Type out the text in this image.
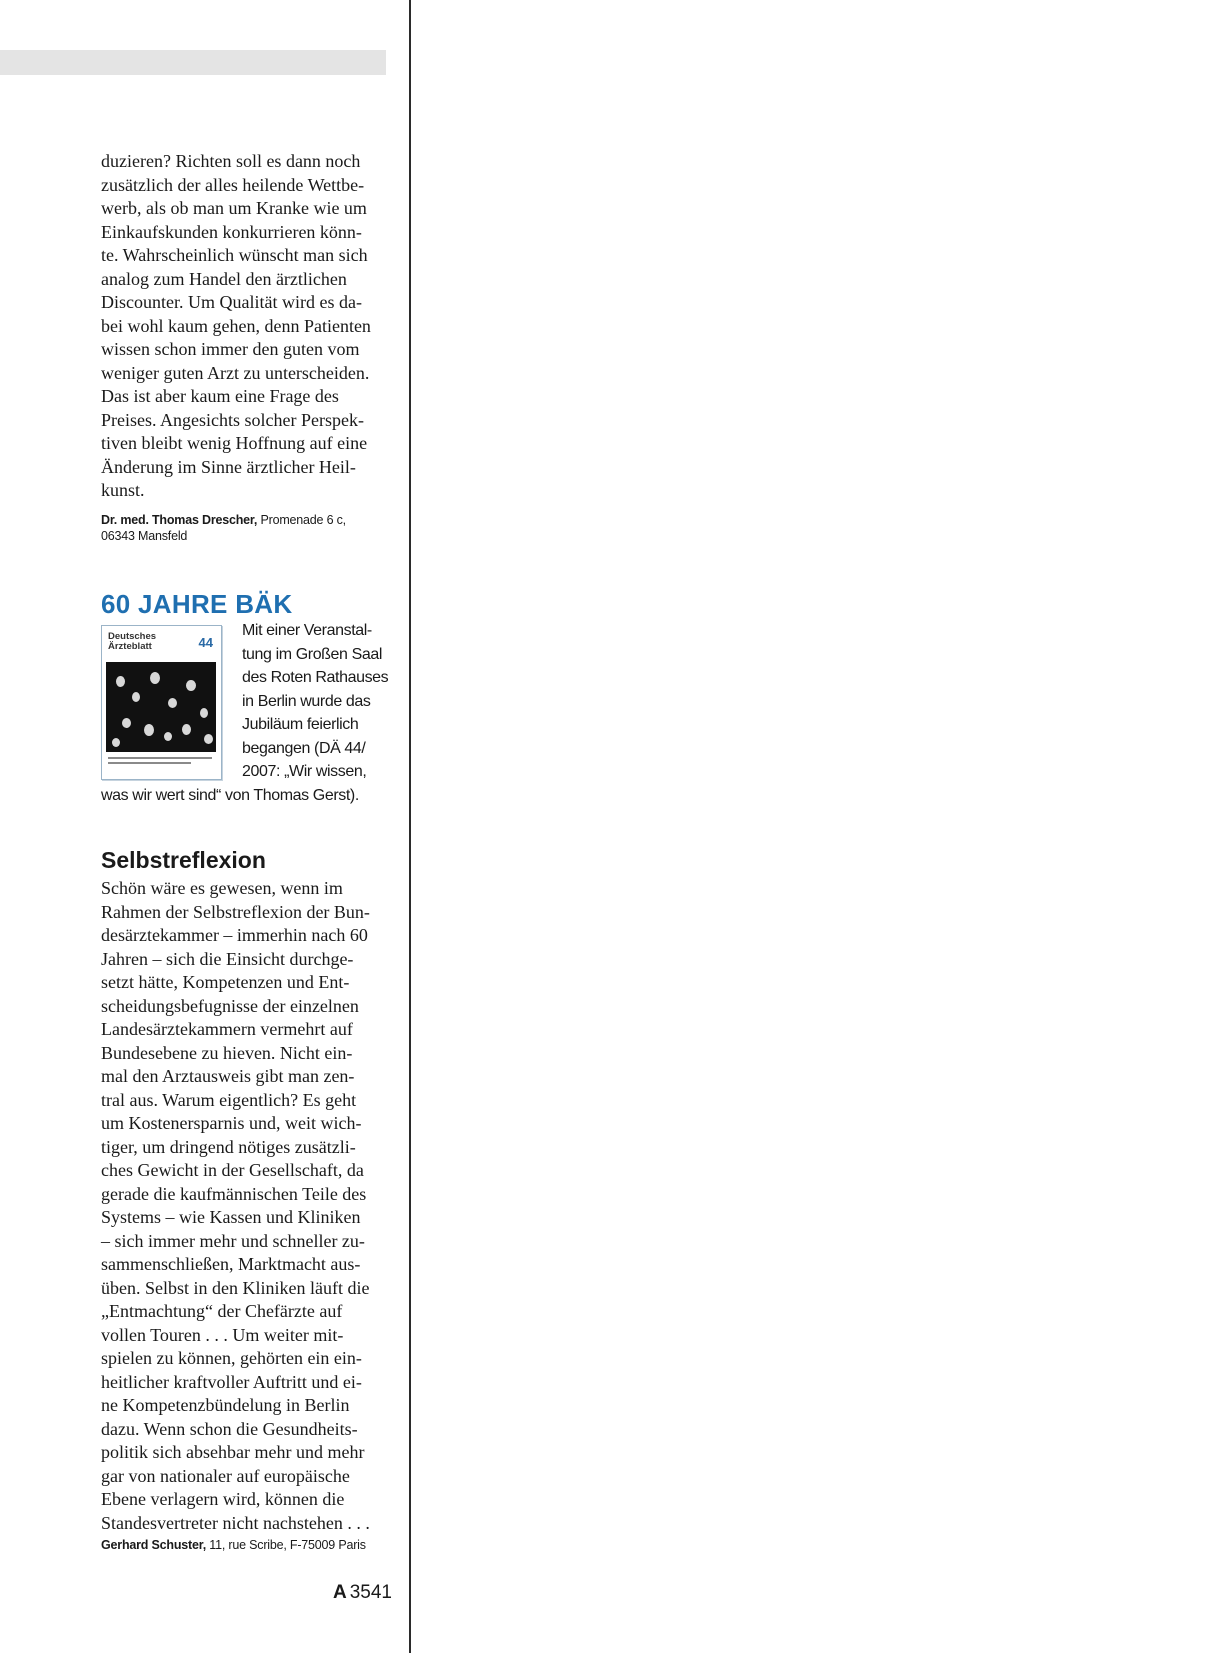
duzieren? Richten soll es dann noch
zusätzlich der alles heilende Wettbe-
werb, als ob man um Kranke wie um
Einkaufskunden konkurrieren könn-
te. Wahrscheinlich wünscht man sich
analog zum Handel den ärztlichen
Discounter. Um Qualität wird es da-
bei wohl kaum gehen, denn Patienten
wissen schon immer den guten vom
weniger guten Arzt zu unterscheiden.
Das ist aber kaum eine Frage des
Preises. Angesichts solcher Perspek-
tiven bleibt wenig Hoffnung auf eine
Änderung im Sinne ärztlicher Heil-
kunst.

Dr. med. Thomas Drescher, Promenade 6 c,
06343 Mansfeld
60 JAHRE BÄK
Deutsches
Ärzteblatt	44
Mit einer Veranstal-
tung im Großen Saal
des Roten Rathauses
in Berlin wurde das
Jubiläum feierlich
begangen (DÄ 44/
2007: „Wir wissen,
was wir wert sind“ von Thomas Gerst).
Selbstreflexion

Schön wäre es gewesen, wenn im
Rahmen der Selbstreflexion der Bun-
desärztekammer – immerhin nach 60
Jahren – sich die Einsicht durchge-
setzt hätte, Kompetenzen und Ent-
scheidungsbefugnisse der einzelnen
Landesärztekammern vermehrt auf
Bundesebene zu hieven. Nicht ein-
mal den Arztausweis gibt man zen-
tral aus. Warum eigentlich? Es geht
um Kostenersparnis und, weit wich-
tiger, um dringend nötiges zusätzli-
ches Gewicht in der Gesellschaft, da
gerade die kaufmännischen Teile des
Systems – wie Kassen und Kliniken
– sich immer mehr und schneller zu-
sammenschließen, Marktmacht aus-
üben. Selbst in den Kliniken läuft die
„Entmachtung“ der Chefärzte auf
vollen Touren . . . Um weiter mit-
spielen zu können, gehörten ein ein-
heitlicher kraftvoller Auftritt und ei-
ne Kompetenzbündelung in Berlin
dazu. Wenn schon die Gesundheits-
politik sich absehbar mehr und mehr
gar von nationaler auf europäische
Ebene verlagern wird, können die
Standesvertreter nicht nachstehen . . .

Gerhard Schuster, 11, rue Scribe, F-75009 Paris
A 3541
